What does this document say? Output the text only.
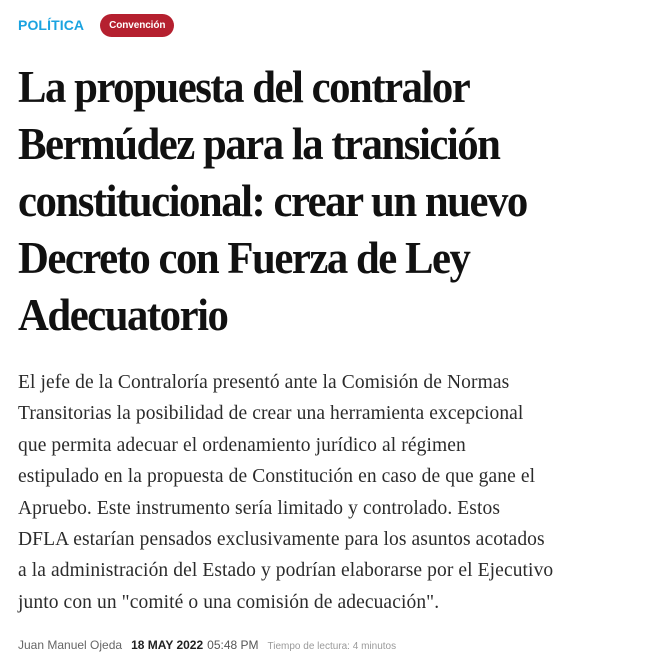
POLÍTICA	Convención
La propuesta del contralor
Bermúdez para la transición
constitucional: crear un nuevo
Decreto con Fuerza de Ley
Adecuatorio

El jefe de la Contraloría presentó ante la Comisión de Normas
Transitorias la posibilidad de crear una herramienta excepcional
que permita adecuar el ordenamiento jurídico al régimen
estipulado en la propuesta de Constitución en caso de que gane el
Apruebo. Este instrumento sería limitado y controlado. Estos
DFLA estarían pensados exclusivamente para los asuntos acotados
a la administración del Estado y podrían elaborarse por el Ejecutivo
junto con un "comité o una comisión de adecuación".

Juan Manuel Ojeda 18 MAY 2022 05:48 PM Tiempo de lectura: 4 minutos
